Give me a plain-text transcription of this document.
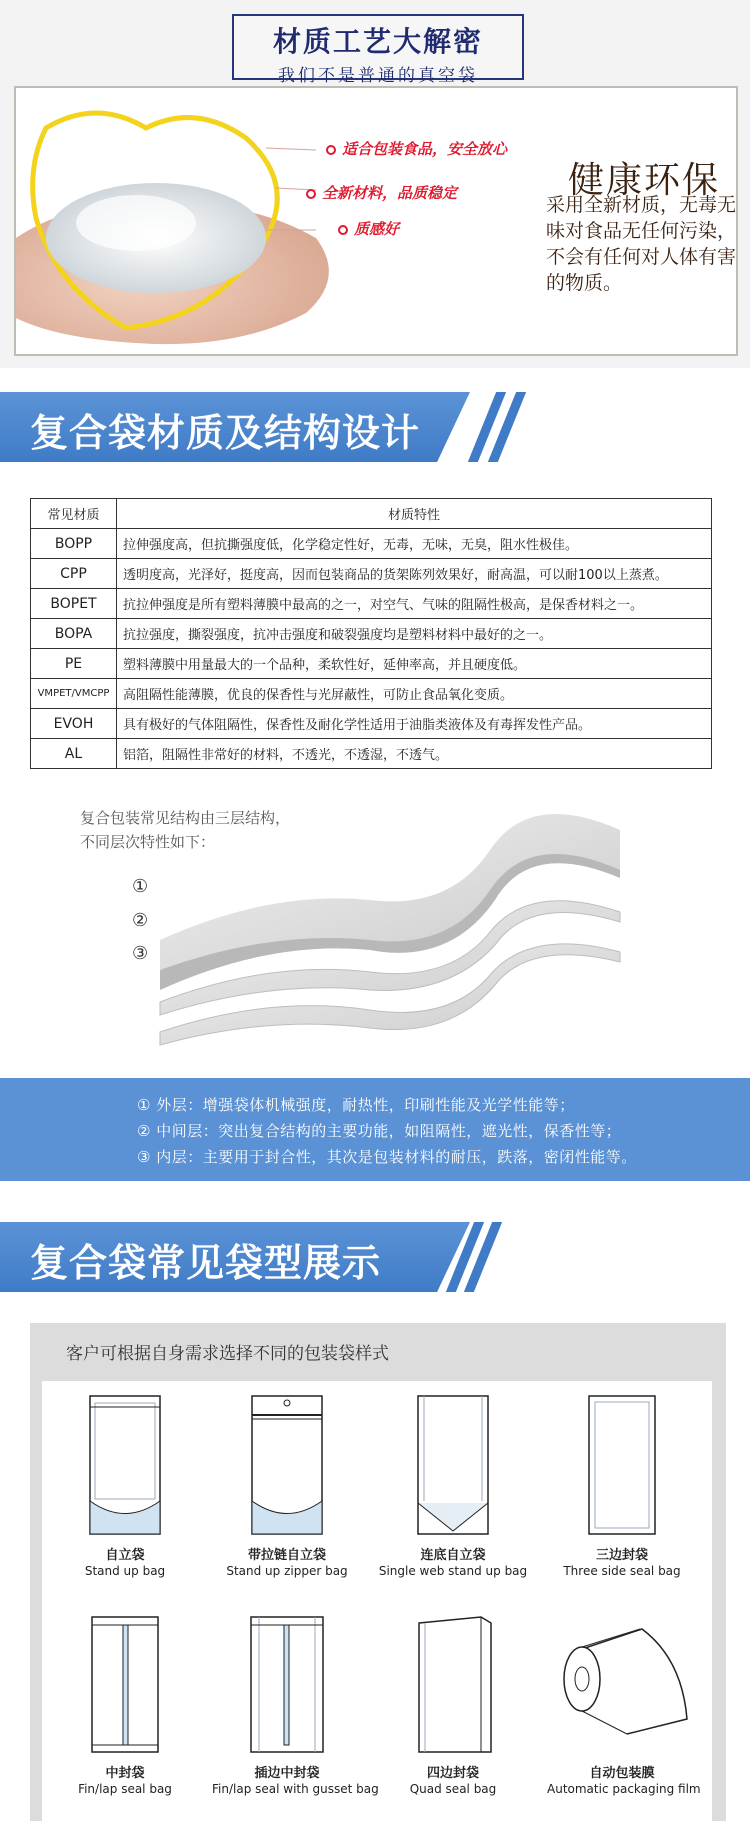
材质工艺大解密
我们不是普通的真空袋
适合包装食品，安全放心
全新材料，品质稳定
质感好
健康环保
采用全新材质，无毒无味对食品无任何污染，不会有任何对人体有害的物质。
复合袋材质及结构设计
常见材质	材质特性
BOPP	拉伸强度高，但抗撕强度低，化学稳定性好，无毒，无味，无臭，阻水性极佳。
CPP	透明度高，光泽好，挺度高，因而包装商品的货架陈列效果好，耐高温，可以耐100以上蒸煮。
BOPET	抗拉伸强度是所有塑料薄膜中最高的之一，对空气、气味的阻隔性极高，是保香材料之一。
BOPA	抗拉强度，撕裂强度，抗冲击强度和破裂强度均是塑料材料中最好的之一。
PE	塑料薄膜中用量最大的一个品种，柔软性好，延伸率高，并且硬度低。
VMPET/VMCPP	高阻隔性能薄膜，优良的保香性与光屏蔽性，可防止食品氧化变质。
EVOH	具有极好的气体阻隔性，保香性及耐化学性适用于油脂类液体及有毒挥发性产品。
AL	铝箔，阻隔性非常好的材料，不透光，不透湿，不透气。
复合包装常见结构由三层结构，
不同层次特性如下：
①
②
③
① 外层：增强袋体机械强度，耐热性，印刷性能及光学性能等；
② 中间层：突出复合结构的主要功能，如阻隔性，遮光性，保香性等；
③ 内层：主要用于封合性，其次是包装材料的耐压，跌落，密闭性能等。
复合袋常见袋型展示
客户可根据自身需求选择不同的包装袋样式
自立袋
Stand up bag
带拉链自立袋
Stand up zipper bag
连底自立袋
Single web stand up bag
三边封袋
Three side seal bag
中封袋
Fin/lap seal bag
插边中封袋
Fin/lap seal with gusset bag
四边封袋
Quad seal bag
自动包装膜
Automatic packaging film
